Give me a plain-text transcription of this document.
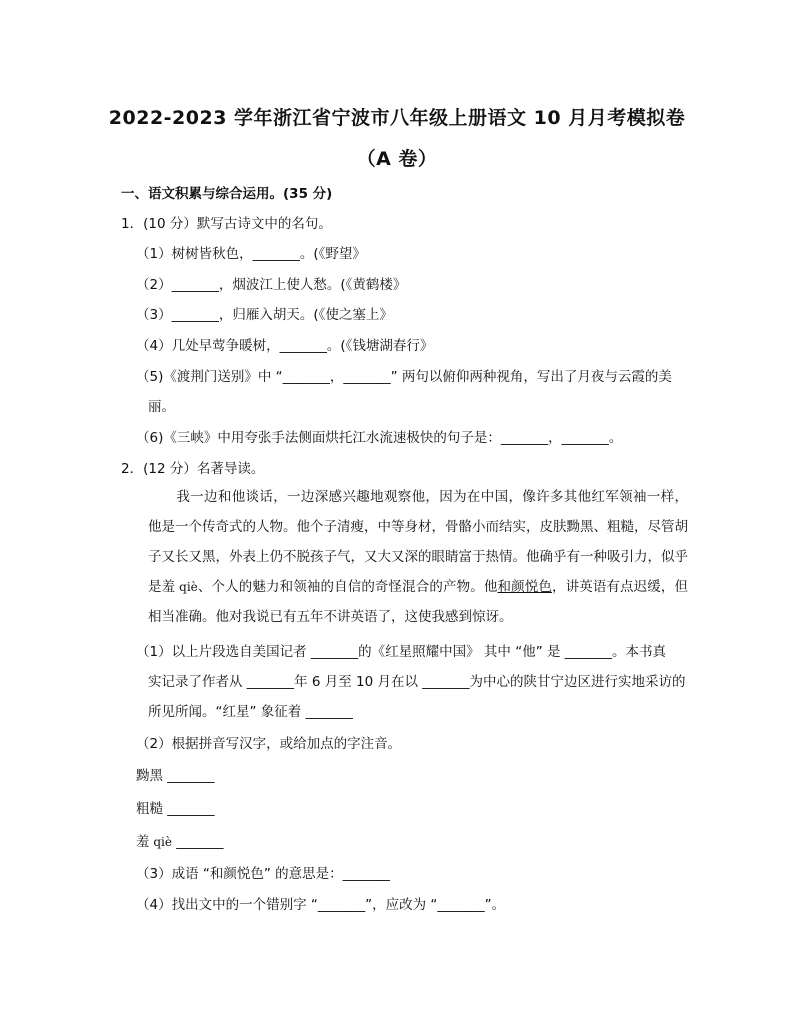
2022-2023 学年浙江省宁波市八年级上册语文 10 月月考模拟卷
（A 卷）
一、语文积累与综合运用。(35 分)
1．(10 分）默写古诗文中的名句。
（1）树树皆秋色，_______。(《野望》
（2）_______，烟波江上使人愁。(《黄鹤楼》
（3）_______，归雁入胡天。(《使之塞上》
（4）几处早莺争暖树，_______。(《钱塘湖春行》
（5)《渡荆门送别》中 “_______，_______” 两句以俯仰两种视角，写出了月夜与云霞的美
丽。
（6)《三峡》中用夸张手法侧面烘托江水流速极快的句子是：_______，_______。
2．(12 分）名著导读。
我一边和他谈话，一边深感兴趣地观察他，因为在中国，像许多其他红军领袖一样，他是一个传奇式的人物。他个子清瘦，中等身材，骨骼小而结实，皮肤黝黑、粗糙，尽管胡子又长又黑，外表上仍不脱孩子气，又大又深的眼睛富于热情。他确乎有一种吸引力，似乎是羞 qiè、个人的魅力和领袖的自信的奇怪混合的产物。他和颜悦色，讲英语有点迟缓，但相当准确。他对我说已有五年不讲英语了，这使我感到惊讶。
（1）以上片段选自美国记者 _______的《红星照耀中国》 其中 “他” 是 _______。本书真
实记录了作者从 _______年 6 月至 10 月在以 _______为中心的陕甘宁边区进行实地采访的
所见所闻。“红星” 象征着 _______
（2）根据拼音写汉字，或给加点的字注音。
黝黑 _______
粗糙 _______
羞 qiè _______
（3）成语 “和颜悦色” 的意思是：_______
（4）找出文中的一个错别字 “_______”，应改为 “_______”。
